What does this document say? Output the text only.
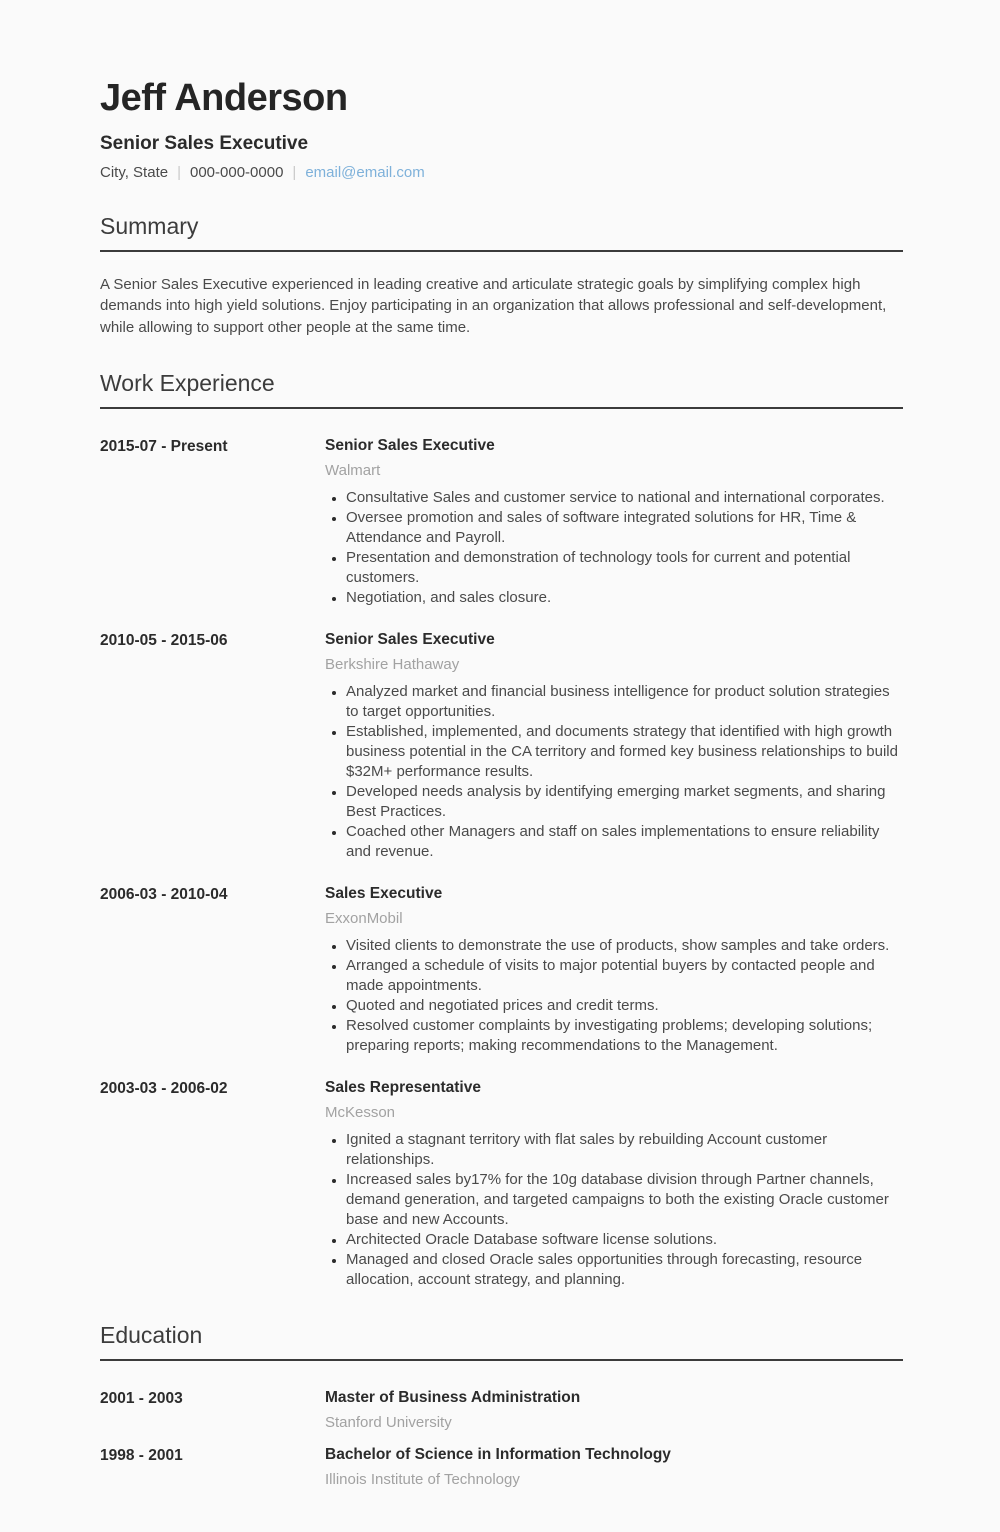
Jeff Anderson
Senior Sales Executive
City, State | 000-000-0000 | email@email.com
Summary

A Senior Sales Executive experienced in leading creative and articulate strategic goals by simplifying complex high demands into high yield solutions. Enjoy participating in an organization that allows professional and self-development, while allowing to support other people at the same time.

Work Experience
2015-07 - Present	Senior Sales Executive
Walmart
• Consultative Sales and customer service to national and international corporates.
• Oversee promotion and sales of software integrated solutions for HR, Time & Attendance and Payroll.
• Presentation and demonstration of technology tools for current and potential customers.
• Negotiation, and sales closure.
2010-05 - 2015-06	Senior Sales Executive
Berkshire Hathaway
• Analyzed market and financial business intelligence for product solution strategies to target opportunities.
• Established, implemented, and documents strategy that identified with high growth business potential in the CA territory and formed key business relationships to build $32M+ performance results.
• Developed needs analysis by identifying emerging market segments, and sharing Best Practices.
• Coached other Managers and staff on sales implementations to ensure reliability and revenue.
2006-03 - 2010-04	Sales Executive
ExxonMobil
• Visited clients to demonstrate the use of products, show samples and take orders.
• Arranged a schedule of visits to major potential buyers by contacted people and made appointments.
• Quoted and negotiated prices and credit terms.
• Resolved customer complaints by investigating problems; developing solutions; preparing reports; making recommendations to the Management.
2003-03 - 2006-02	Sales Representative
McKesson
• Ignited a stagnant territory with flat sales by rebuilding Account customer relationships.
• Increased sales by17% for the 10g database division through Partner channels, demand generation, and targeted campaigns to both the existing Oracle customer base and new Accounts.
• Architected Oracle Database software license solutions.
• Managed and closed Oracle sales opportunities through forecasting, resource allocation, account strategy, and planning.
Education
2001 - 2003	Master of Business Administration
Stanford University
1998 - 2001	Bachelor of Science in Information Technology
Illinois Institute of Technology
